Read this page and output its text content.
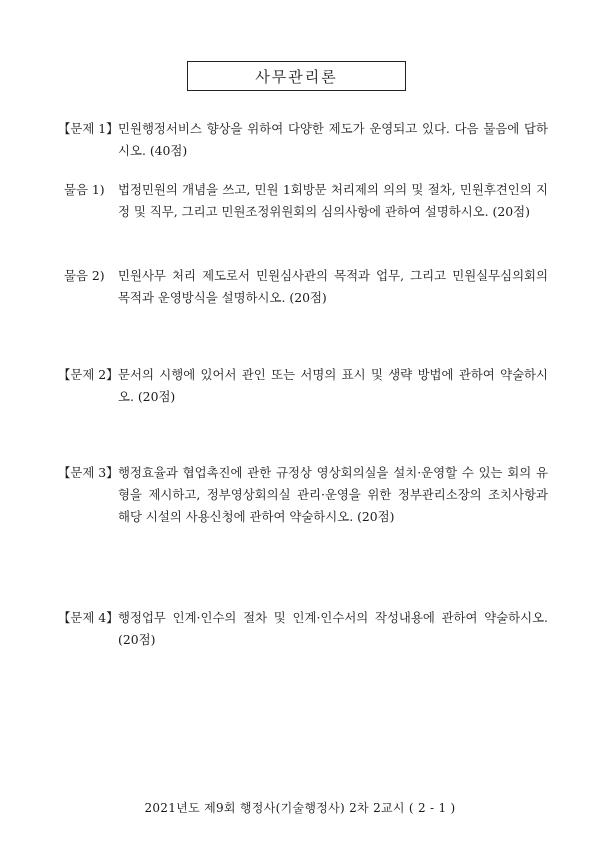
사무관리론
【문제 1】 민원행정서비스 향상을 위하여 다양한 제도가 운영되고 있다. 다음 물음에 답하시오. (40점)
물음 1)	법정민원의 개념을 쓰고, 민원 1회방문 처리제의 의의 및 절차, 민원후견인의 지정 및 직무, 그리고 민원조정위원회의 심의사항에 관하여 설명하시오. (20점)
물음 2)	민원사무 처리 제도로서 민원심사관의 목적과 업무, 그리고 민원실무심의회의 목적과 운영방식을 설명하시오. (20점)
【문제 2】 문서의 시행에 있어서 관인 또는 서명의 표시 및 생략 방법에 관하여 약술하시오. (20점)
【문제 3】 행정효율과 협업촉진에 관한 규정상 영상회의실을 설치·운영할 수 있는 회의 유형을 제시하고, 정부영상회의실 관리·운영을 위한 정부관리소장의 조치사항과 해당 시설의 사용신청에 관하여 약술하시오. (20점)
【문제 4】 행정업무 인계·인수의 절차 및 인계·인수서의 작성내용에 관하여 약술하시오. (20점)
2021년도 제9회 행정사(기술행정사) 2차 2교시 ( 2 - 1 )
